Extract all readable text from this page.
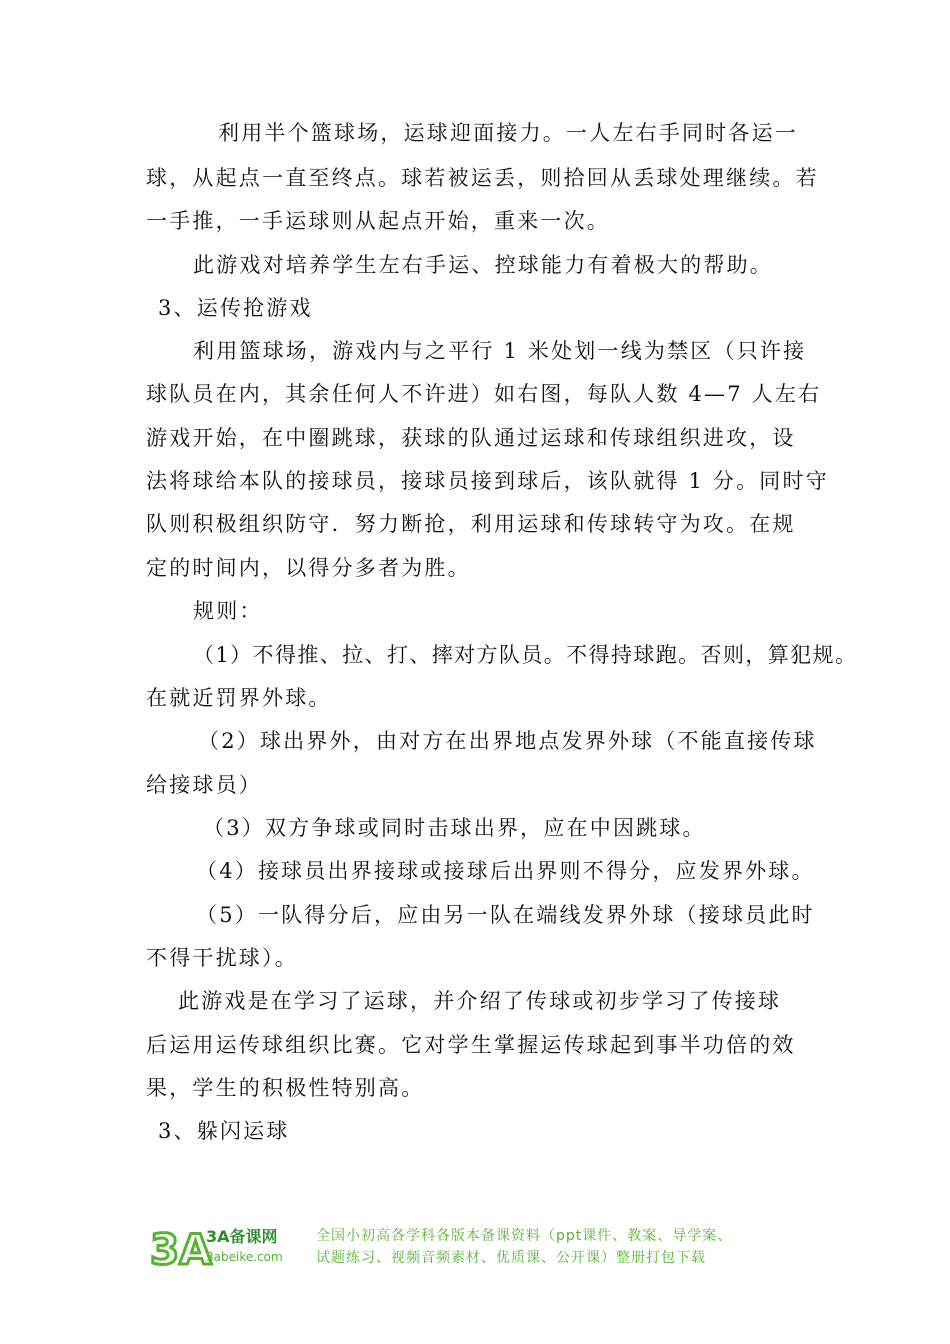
利用半个篮球场，运球迎面接力。一人左右手同时各运一
球，从起点一直至终点。球若被运丢，则拾回从丢球处理继续。若
一手推，一手运球则从起点开始，重来一次。
此游戏对培养学生左右手运、控球能力有着极大的帮助。
3、运传抢游戏
利用篮球场，游戏内与之平行 1 米处划一线为禁区（只许接
球队员在内，其余任何人不许进）如右图，每队人数 4—7 人左右
游戏开始，在中圈跳球，获球的队通过运球和传球组织进攻，设
法将球给本队的接球员，接球员接到球后，该队就得 1 分。同时守
队则积极组织防守．努力断抢，利用运球和传球转守为攻。在规
定的时间内，以得分多者为胜。
规则：
（1）不得推、拉、打、摔对方队员。不得持球跑。否则，算犯规。
在就近罚界外球。
（2）球出界外，由对方在出界地点发界外球（不能直接传球
给接球员）
（3）双方争球或同时击球出界，应在中因跳球。
（4）接球员出界接球或接球后出界则不得分，应发界外球。
（5）一队得分后，应由另一队在端线发界外球（接球员此时
不得干扰球）。
此游戏是在学习了运球，并介绍了传球或初步学习了传接球
后运用运传球组织比赛。它对学生掌握运传球起到事半功倍的效
果，学生的积极性特别高。
3、躲闪运球
3A
3A备课网
3abeike.com
全国小初高各学科各版本备课资料（ppt课件、教案、导学案、
试题练习、视频音频素材、优质课、公开课）整册打包下载
